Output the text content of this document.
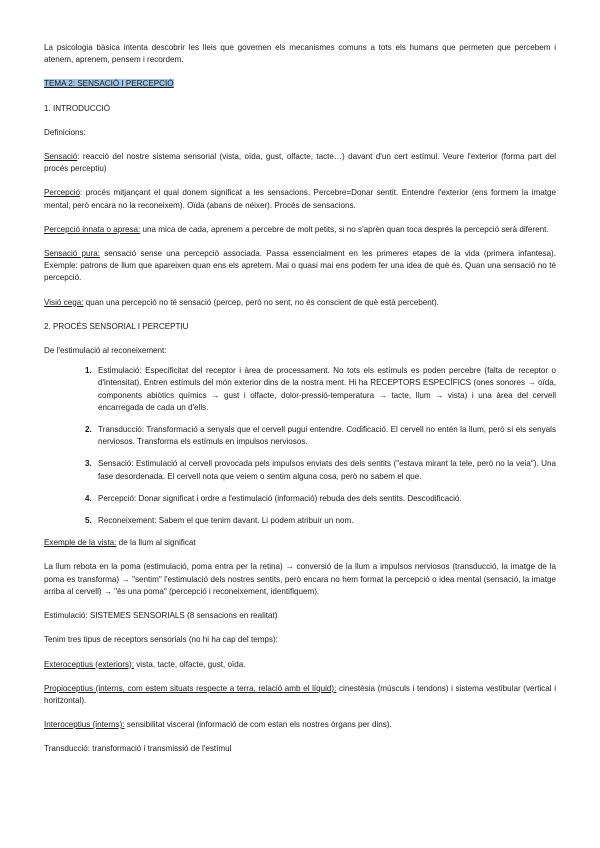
La psicologia bàsica intenta descobrir les lleis que governen els mecanismes comuns a tots els humans que permeten que percebem i atenem, aprenem, pensem i recordem.

TEMA 2: SENSACIÓ I PERCEPCIÓ

1. INTRODUCCIÓ

Definicions:

Sensació: reacció del nostre sistema sensorial (vista, oïda, gust, olfacte, tacte…) davant d'un cert estímul. Veure l'exterior (forma part del procés perceptiu)

Percepció: procés mitjançant el qual donem significat a les sensacions. Percebre=Donar sentit. Entendre l'exterior (ens formem la imatge mental, però encara no la reconeixem). Oïda (abans de néixer). Procés de sensacions.

Percepció innata o apresa: una mica de cada, aprenem a percebre de molt petits, si no s'aprèn quan toca després la percepció serà diferent.

Sensació pura: sensació sense una percepció associada. Passa essencialment en les primeres etapes de la vida (primera infantesa). Exemple: patrons de llum que apareixen quan ens els apretem. Mai o quasi mai ens podem fer una idea de què és. Quan una sensació no té percepció.

Visió cega: quan una percepció no té sensació (percep, però no sent, no és conscient de què està percebent).

2. PROCÉS SENSORIAL I PERCEPTIU

De l'estimulació al reconeixement:

1. Estimulació: Especificitat del receptor i àrea de processament. No tots els estímuls es poden percebre (falta de receptor o d'intensitat). Entren estímuls del món exterior dins de la nostra ment. Hi ha RECEPTORS ESPECÍFICS (ones sonores → oïda, components abiòtics químics → gust i olfacte, dolor-pressió-temperatura → tacte, llum → vista) i una àrea del cervell encarregada de cada un d'ells.
2. Transducció: Transformació a senyals que el cervell pugui entendre. Codificació. El cervell no entén la llum, però sí els senyals nerviosos. Transforma els estímuls en impulsos nerviosos.
3. Sensació: Estimulació al cervell provocada pels impulsos enviats des dels sentits ("estava mirant la tele, però no la veia"). Una fase desordenada. El cervell nota que veiem o sentim alguna cosa, però no sabem el que.
4. Percepció: Donar significat i ordre a l'estimulació (informació) rebuda des dels sentits. Descodificació.
5. Reconeixement: Sabem el que tenim davant. Li podem atribuir un nom.

Exemple de la vista: de la llum al significat

La llum rebota en la poma (estimulació, poma entra per la retina) → conversió de la llum a impulsos nerviosos (transducció, la imatge de la poma es transforma) → "sentim" l'estimulació dels nostres sentits, però encara no hem format la percepció o idea mental (sensació, la imatge arriba al cervell) → "és una poma" (percepció i reconeixement, identifiquem).

Estimulació: SISTEMES SENSORIALS (8 sensacions en realitat)

Tenim tres tipus de receptors sensorials (no hi ha cap del temps):

Exteroceptius (exteriors): vista, tacte, olfacte, gust, oïda.

Propioceptius (interns, com estem situats respecte a terra, relació amb el líquid): cinestèsia (músculs i tendons) i sistema vestibular (vertical i horitzontal).

Interoceptius (interns): sensibilitat visceral (informació de com estan els nostres òrgans per dins).

Transducció: transformació i transmissió de l'estímul
